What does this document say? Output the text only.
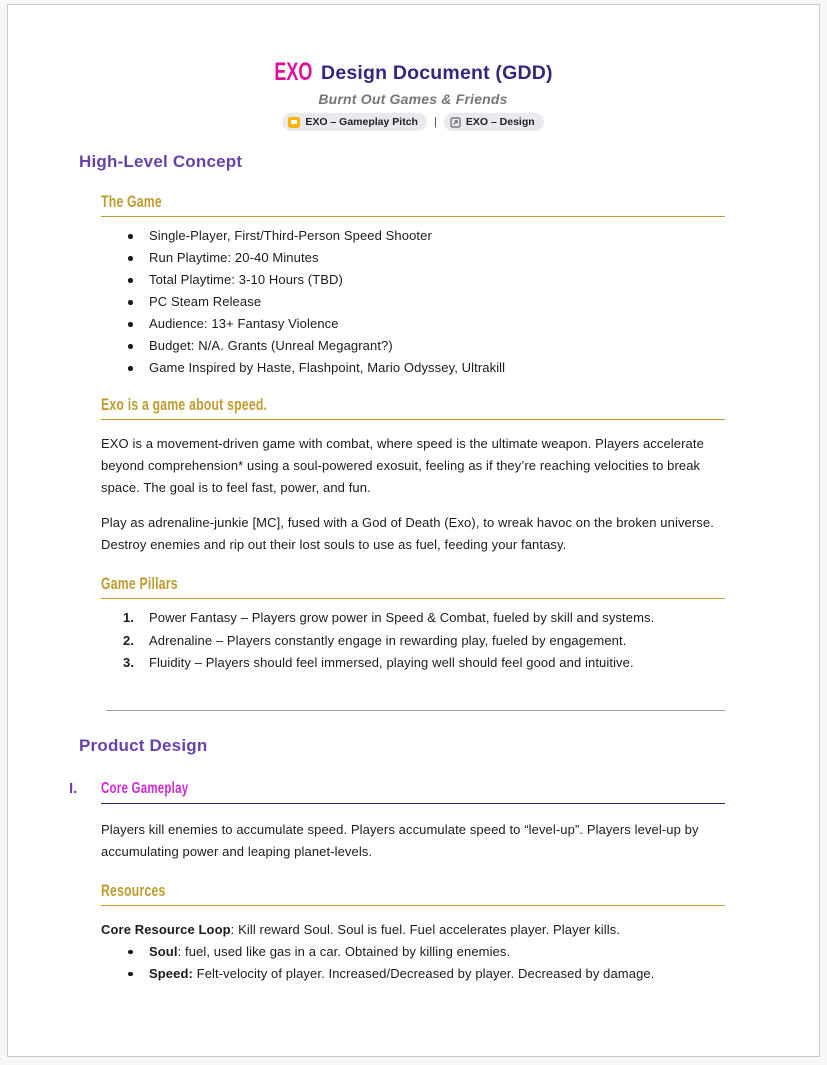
EXO Design Document (GDD)
Burnt Out Games & Friends
EXO – Gameplay Pitch |	EXO – Design
High-Level Concept
The Game
Single-Player, First/Third-Person Speed Shooter
Run Playtime: 20-40 Minutes
Total Playtime: 3-10 Hours (TBD)
PC Steam Release
Audience: 13+ Fantasy Violence
Budget: N/A. Grants (Unreal Megagrant?)
Game Inspired by Haste, Flashpoint, Mario Odyssey, Ultrakill
Exo is a game about speed.

EXO is a movement-driven game with combat, where speed is the ultimate weapon. Players accelerate beyond comprehension* using a soul-powered exosuit, feeling as if they’re reaching velocities to break space. The goal is to feel fast, power, and fun.

Play as adrenaline-junkie [MC], fused with a God of Death (Exo), to wreak havoc on the broken universe. Destroy enemies and rip out their lost souls to use as fuel, feeding your fantasy.

Game Pillars
1. Power Fantasy – Players grow power in Speed & Combat, fueled by skill and systems.
2. Adrenaline – Players constantly engage in rewarding play, fueled by engagement.
3. Fluidity – Players should feel immersed, playing well should feel good and intuitive.
Product Design
I.	Core Gameplay

Players kill enemies to accumulate speed. Players accumulate speed to “level-up”. Players level-up by accumulating power and leaping planet-levels.

Resources

Core Resource Loop: Kill reward Soul. Soul is fuel. Fuel accelerates player. Player kills.

Soul: fuel, used like gas in a car. Obtained by killing enemies.
Speed: Felt-velocity of player. Increased/Decreased by player. Decreased by damage.
